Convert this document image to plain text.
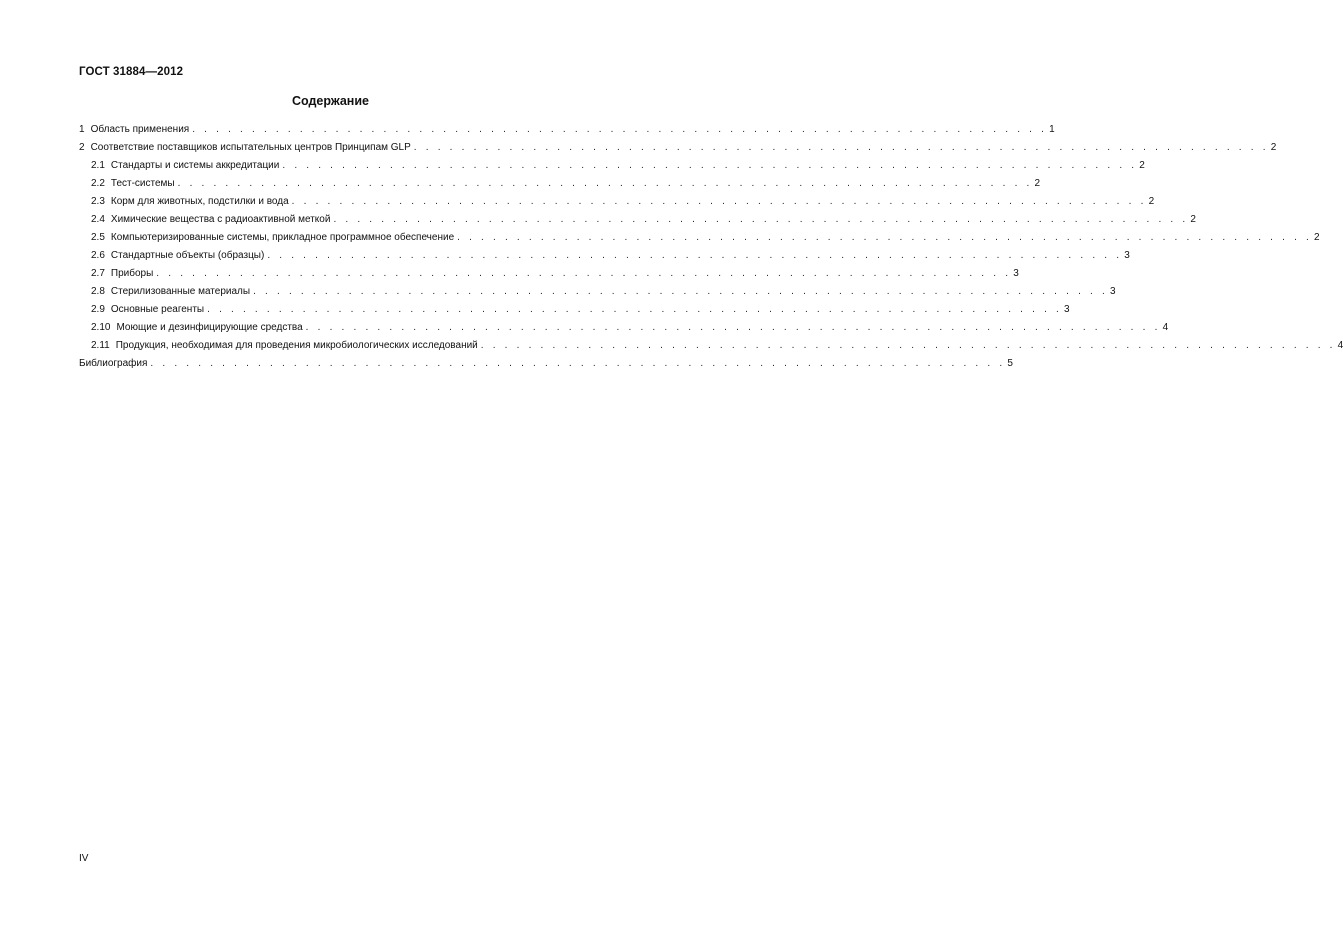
ГОСТ 31884—2012
Содержание
1 Область применения . . . . . . . . . . . . . . . . . . . . . . . . . . . . . . . . . . . . . . . . . . . . . . . . . . . . . . . . . . . . . . . . . . . . . . . . 1
2 Соответствие поставщиков испытательных центров Принципам GLP . . . . . . . . . . . . . . . . . . . . . . . . . . . . . . . . . . . . . . . . . . . . . . . . . . . . . . . . . . . . . . . . . . . . . . . . 2
2.1 Стандарты и системы аккредитации . . . . . . . . . . . . . . . . . . . . . . . . . . . . . . . . . . . . . . . . . . . . . . . . . . . . . . . . . . . . . . . . . . . . . . . . 2
2.2 Тест-системы . . . . . . . . . . . . . . . . . . . . . . . . . . . . . . . . . . . . . . . . . . . . . . . . . . . . . . . . . . . . . . . . . . . . . . . . 2
2.3 Корм для животных, подстилки и вода . . . . . . . . . . . . . . . . . . . . . . . . . . . . . . . . . . . . . . . . . . . . . . . . . . . . . . . . . . . . . . . . . . . . . . . . 2
2.4 Химические вещества с радиоактивной меткой . . . . . . . . . . . . . . . . . . . . . . . . . . . . . . . . . . . . . . . . . . . . . . . . . . . . . . . . . . . . . . . . . . . . . . . . 2
2.5 Компьютеризированные системы, прикладное программное обеспечение . . . . . . . . . . . . . . . . . . . . . . . . . . . . . . . . . . . . . . . . . . . . . . . . . . . . . . . . . . . . . . . . . . . . . . . . 2
2.6 Стандартные объекты (образцы) . . . . . . . . . . . . . . . . . . . . . . . . . . . . . . . . . . . . . . . . . . . . . . . . . . . . . . . . . . . . . . . . . . . . . . . . 3
2.7 Приборы . . . . . . . . . . . . . . . . . . . . . . . . . . . . . . . . . . . . . . . . . . . . . . . . . . . . . . . . . . . . . . . . . . . . . . . . 3
2.8 Стерилизованные материалы . . . . . . . . . . . . . . . . . . . . . . . . . . . . . . . . . . . . . . . . . . . . . . . . . . . . . . . . . . . . . . . . . . . . . . . . 3
2.9 Основные реагенты . . . . . . . . . . . . . . . . . . . . . . . . . . . . . . . . . . . . . . . . . . . . . . . . . . . . . . . . . . . . . . . . . . . . . . . . 3
2.10 Моющие и дезинфицирующие средства . . . . . . . . . . . . . . . . . . . . . . . . . . . . . . . . . . . . . . . . . . . . . . . . . . . . . . . . . . . . . . . . . . . . . . . . 4
2.11 Продукция, необходимая для проведения микробиологических исследований . . . . . . . . . . . . . . . . . . . . . . . . . . . . . . . . . . . . . . . . . . . . . . . . . . . . . . . . . . . . . . . . . . . . . . . . 4
Библиография . . . . . . . . . . . . . . . . . . . . . . . . . . . . . . . . . . . . . . . . . . . . . . . . . . . . . . . . . . . . . . . . . . . . . . . . 5
IV
